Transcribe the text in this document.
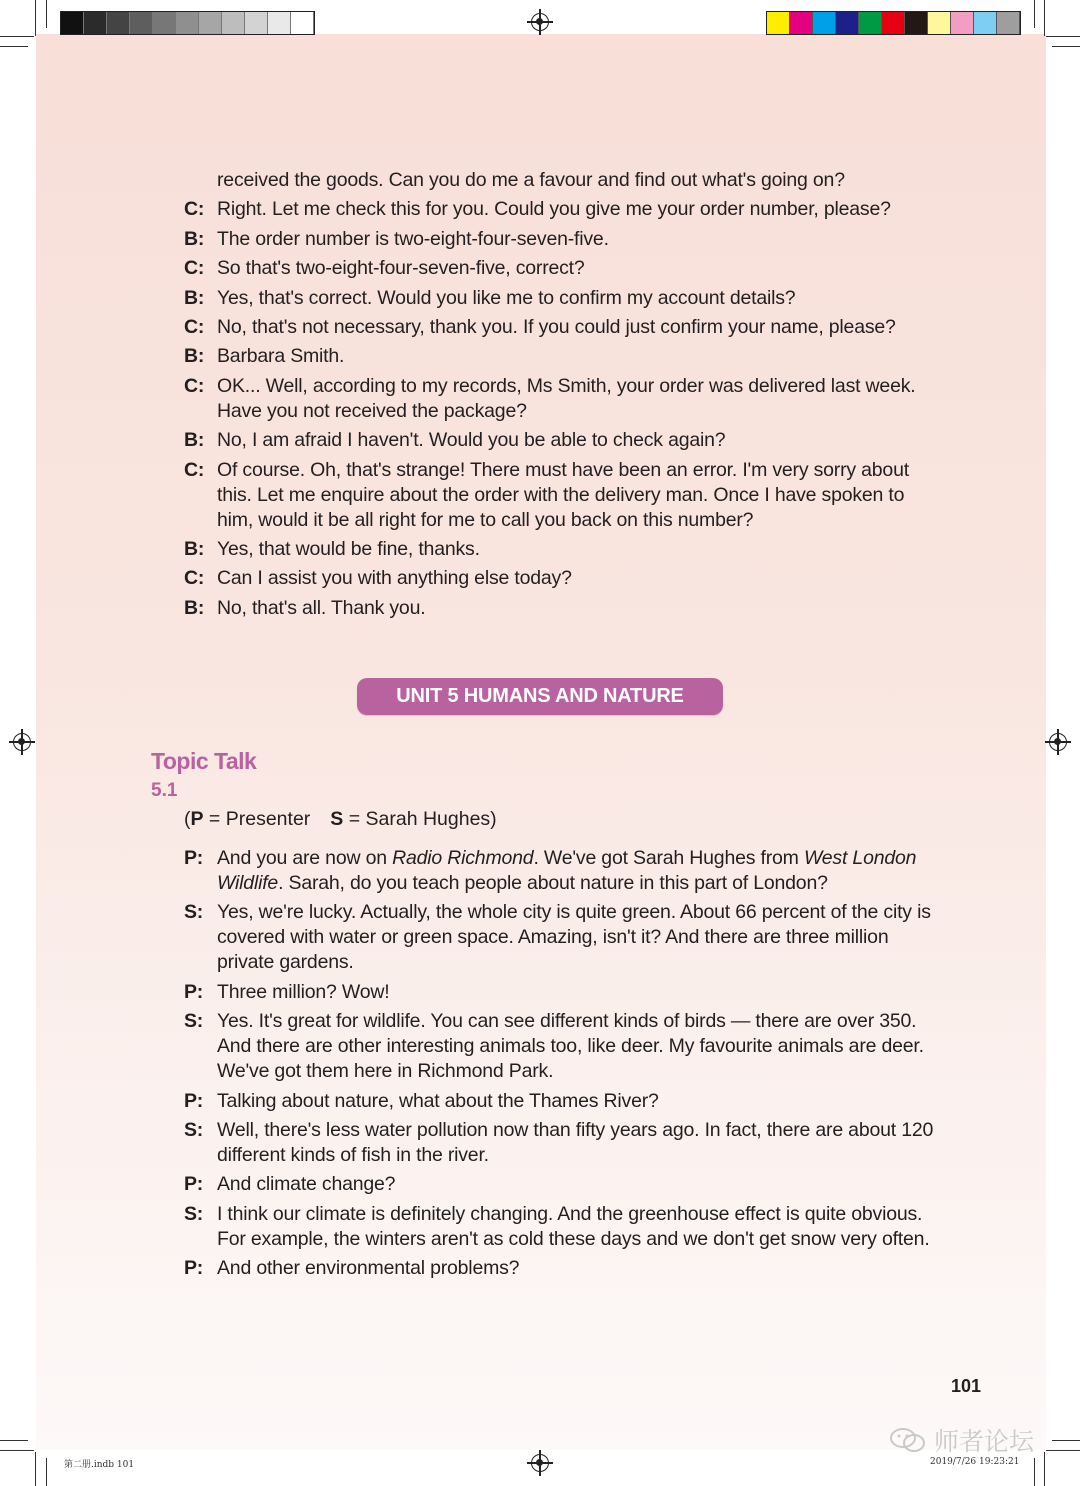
received the goods. Can you do me a favour and find out what's going on?
C: Right. Let me check this for you. Could you give me your order number, please?
B: The order number is two-eight-four-seven-five.
C: So that's two-eight-four-seven-five, correct?
B: Yes, that's correct. Would you like me to confirm my account details?
C: No, that's not necessary, thank you. If you could just confirm your name, please?
B: Barbara Smith.
C: OK... Well, according to my records, Ms Smith, your order was delivered last week. Have you not received the package?
B: No, I am afraid I haven't. Would you be able to check again?
C: Of course. Oh, that's strange! There must have been an error. I'm very sorry about this. Let me enquire about the order with the delivery man. Once I have spoken to him, would it be all right for me to call you back on this number?
B: Yes, that would be fine, thanks.
C: Can I assist you with anything else today?
B: No, that's all. Thank you.
UNIT 5 HUMANS AND NATURE
Topic Talk
5.1
(P = Presenter S = Sarah Hughes)
P: And you are now on Radio Richmond. We've got Sarah Hughes from West London Wildlife. Sarah, do you teach people about nature in this part of London?
S: Yes, we're lucky. Actually, the whole city is quite green. About 66 percent of the city is covered with water or green space. Amazing, isn't it? And there are three million private gardens.
P: Three million? Wow!
S: Yes. It's great for wildlife. You can see different kinds of birds — there are over 350. And there are other interesting animals too, like deer. My favourite animals are deer. We've got them here in Richmond Park.
P: Talking about nature, what about the Thames River?
S: Well, there's less water pollution now than fifty years ago. In fact, there are about 120 different kinds of fish in the river.
P: And climate change?
S: I think our climate is definitely changing. And the greenhouse effect is quite obvious. For example, the winters aren't as cold these days and we don't get snow very often.
P: And other environmental problems?
101
师者论坛
第二册.indb 101	2019/7/26 19:23:21
